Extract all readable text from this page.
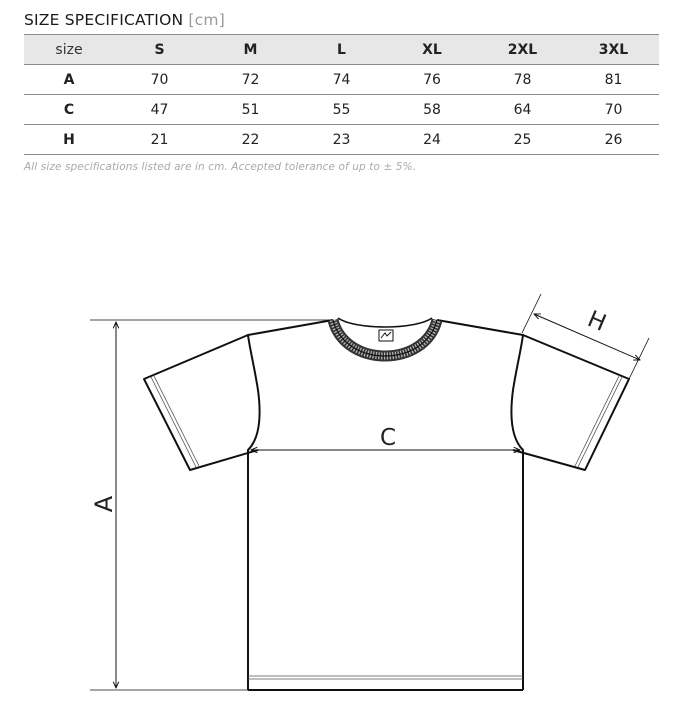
SIZE SPECIFICATION [cm]
size	S	M	L	XL	2XL	3XL
A	70	72	74	76	78	81
C	47	51	55	58	64	70
H	21	22	23	24	25	26
All size specifications listed are in cm. Accepted tolerance of up to ± 5%.
A
C
H
